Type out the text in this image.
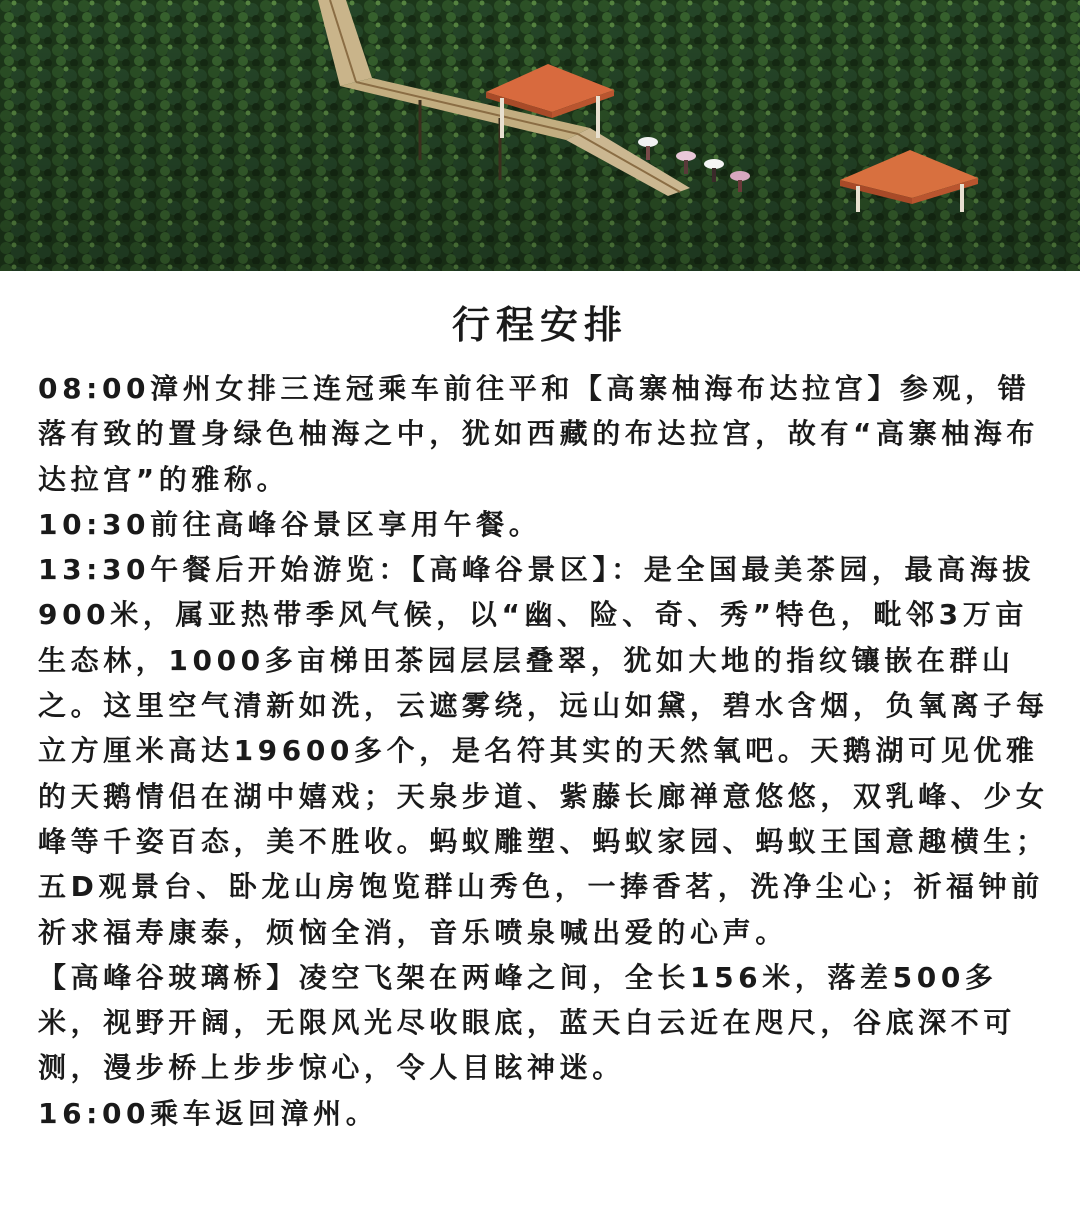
行程安排

08:00漳州女排三连冠乘车前往平和【高寨柚海布达拉宫】参观，错落有致的置身绿色柚海之中，犹如西藏的布达拉宫，故有“高寨柚海布达拉宫”的雅称。

10:30前往高峰谷景区享用午餐。

13:30午餐后开始游览：【高峰谷景区】：是全国最美茶园，最高海拔900米，属亚热带季风气候，以“幽、险、奇、秀”特色，毗邻3万亩生态林，1000多亩梯田茶园层层叠翠，犹如大地的指纹镶嵌在群山之。这里空气清新如洗，云遮雾绕，远山如黛，碧水含烟，负氧离子每立方厘米高达19600多个，是名符其实的天然氧吧。天鹅湖可见优雅的天鹅情侣在湖中嬉戏；天泉步道、紫藤长廊禅意悠悠，双乳峰、少女峰等千姿百态，美不胜收。蚂蚁雕塑、蚂蚁家园、蚂蚁王国意趣横生；五D观景台、卧龙山房饱览群山秀色，一捧香茗，洗净尘心；祈福钟前祈求福寿康泰，烦恼全消，音乐喷泉喊出爱的心声。

【高峰谷玻璃桥】凌空飞架在两峰之间，全长156米，落差500多米，视野开阔，无限风光尽收眼底，蓝天白云近在咫尺，谷底深不可测，漫步桥上步步惊心，令人目眩神迷。

16:00乘车返回漳州。
